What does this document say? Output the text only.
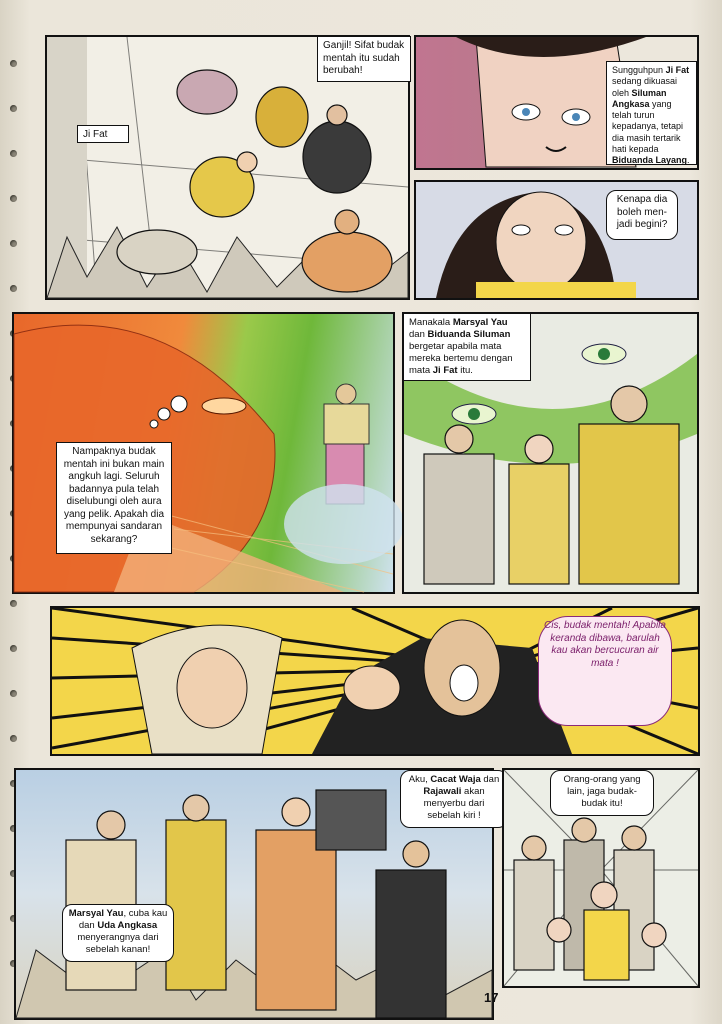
Ji Fat
Ganjil! Sifat budak mentah itu sudah berubah!	Sungguhpun Ji Fat sedang dikuasai oleh Siluman Angkasa yang telah turun kepadanya, tetapi dia masih tertarik hati kepada Biduanda Layang.
Kenapa dia boleh men-jadi begini?
Nampaknya budak mentah ini bukan main angkuh lagi. Seluruh badannya pula telah diselubungi oleh aura yang pelik. Apakah dia mempunyai sandaran sekarang?
Manakala Marsyal Yau dan Biduanda Siluman bergetar apabila mata mereka bertemu dengan mata Ji Fat itu.
Cis, budak mentah! Apabila keranda dibawa, barulah kau akan bercucuran air mata !
Aku, Cacat Waja dan Rajawali akan menyerbu dari sebelah kiri !
Marsyal Yau, cuba kau dan Uda Angkasa menyerangnya dari sebelah kanan!
Orang-orang yang lain, jaga budak-budak itu!
17
